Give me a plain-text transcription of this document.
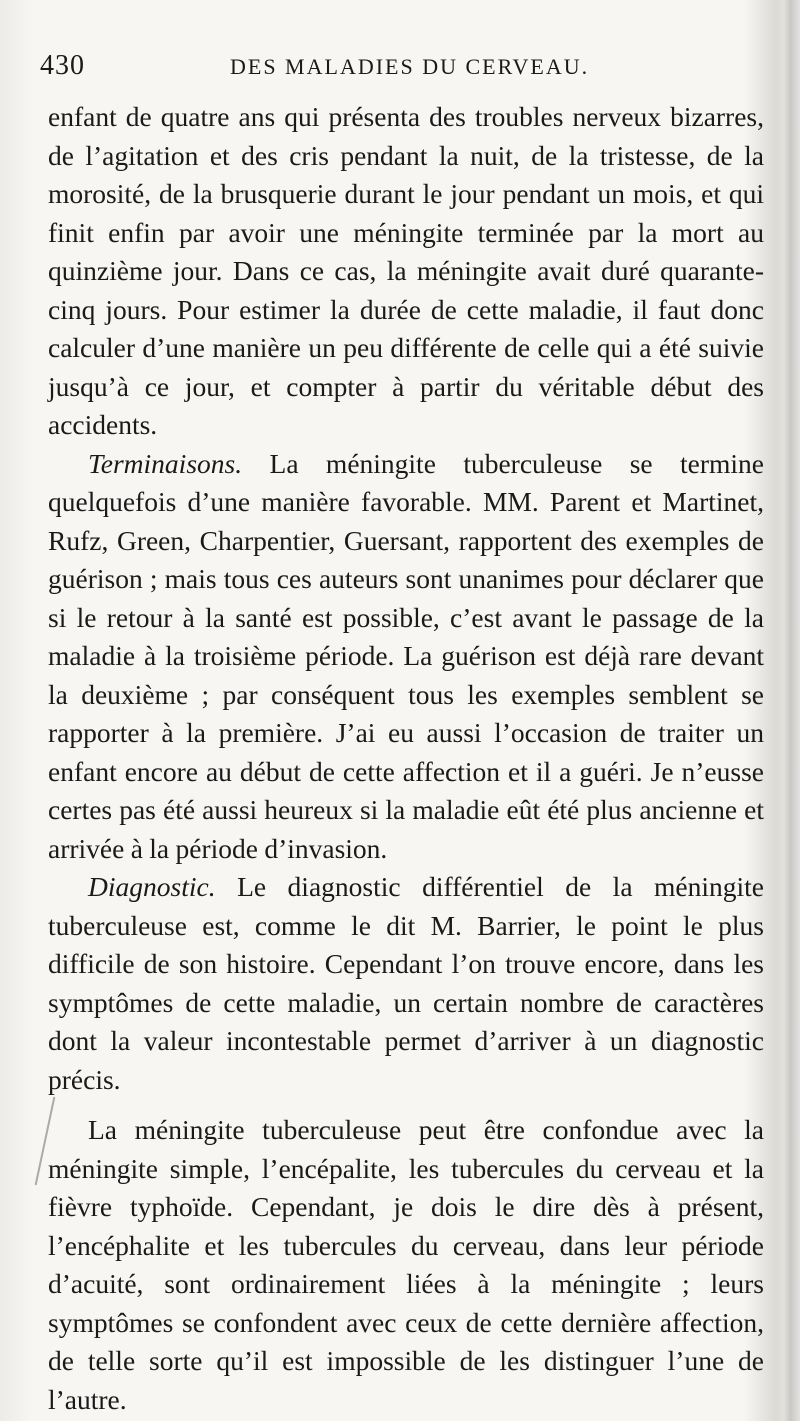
430	DES MALADIES DU CERVEAU.

enfant de quatre ans qui présenta des troubles nerveux bizarres, de l’agitation et des cris pendant la nuit, de la tristesse, de la morosité, de la brusquerie durant le jour pendant un mois, et qui finit enfin par avoir une méningite terminée par la mort au quinzième jour. Dans ce cas, la méningite avait duré quarante-cinq jours. Pour estimer la durée de cette maladie, il faut donc calculer d’une manière un peu différente de celle qui a été suivie jusqu’à ce jour, et compter à partir du véritable début des accidents.

Terminaisons. La méningite tuberculeuse se termine quelquefois d’une manière favorable. MM. Parent et Martinet, Rufz, Green, Charpentier, Guersant, rapportent des exemples de guérison ; mais tous ces auteurs sont unanimes pour déclarer que si le retour à la santé est possible, c’est avant le passage de la maladie à la troisième période. La guérison est déjà rare devant la deuxième ; par conséquent tous les exemples semblent se rapporter à la première. J’ai eu aussi l’occasion de traiter un enfant encore au début de cette affection et il a guéri. Je n’eusse certes pas été aussi heureux si la maladie eût été plus ancienne et arrivée à la période d’invasion.

Diagnostic. Le diagnostic différentiel de la méningite tuberculeuse est, comme le dit M. Barrier, le point le plus difficile de son histoire. Cependant l’on trouve encore, dans les symptômes de cette maladie, un certain nombre de caractères dont la valeur incontestable permet d’arriver à un diagnostic précis.

La méningite tuberculeuse peut être confondue avec la méningite simple, l’encépalite, les tubercules du cerveau et la fièvre typhoïde. Cependant, je dois le dire dès à présent, l’encéphalite et les tubercules du cerveau, dans leur période d’acuité, sont ordinairement liées à la méningite ; leurs symptômes se confondent avec ceux de cette dernière affection, de telle sorte qu’il est impossible de les distinguer l’une de l’autre.
